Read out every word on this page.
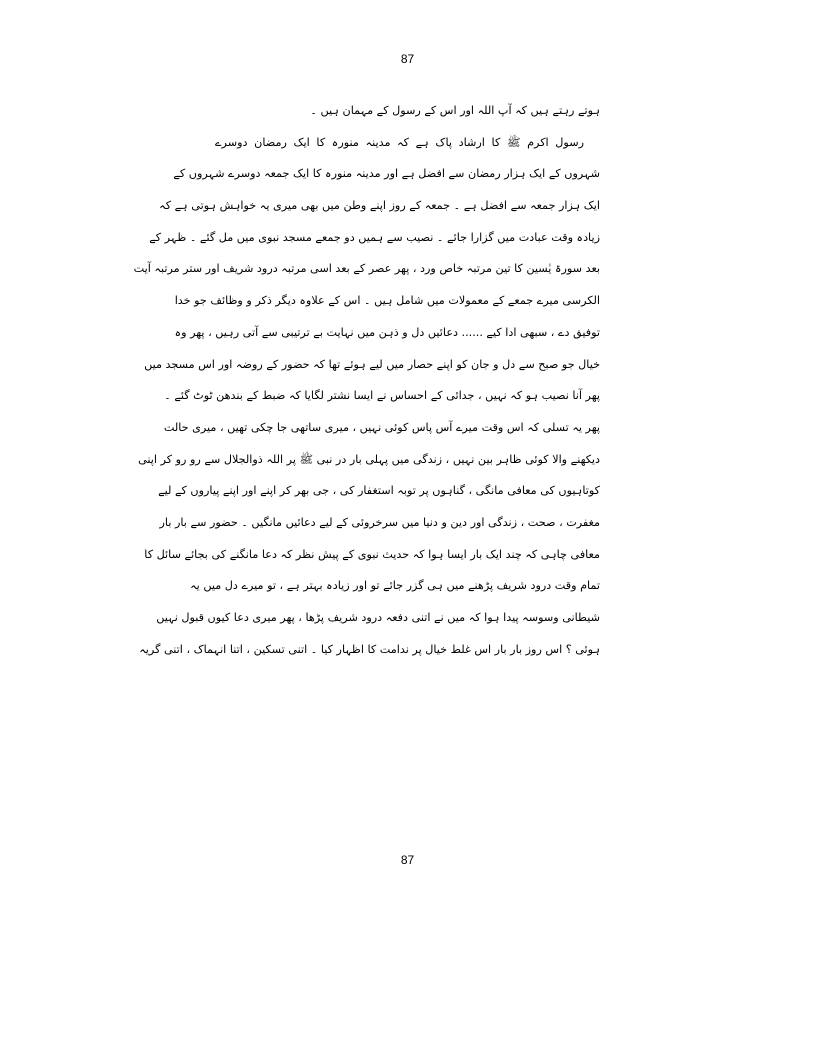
87
ہوتے رہتے ہیں کہ آپ اللہ اور اس کے رسول کے مہمان ہیں ۔
رسول اکرم ﷺ کا ارشاد پاک ہے کہ مدینہ منورہ کا ایک رمضان دوسرے
شہروں کے ایک ہزار رمضان سے افضل ہے اور مدینہ منورہ کا ایک جمعہ دوسرے شہروں کے
ایک ہزار جمعہ سے افضل ہے ۔ جمعہ کے روز اپنے وطن میں بھی میری یہ خواہش ہوتی ہے کہ
زیادہ وقت عبادت میں گزارا جائے ۔ نصیب سے ہمیں دو جمعے مسجد نبوی میں مل گئے ۔ ظہر کے
بعد سورۃ یٰسین کا تین مرتبہ خاص ورد ، پھر عصر کے بعد اسی مرتبہ درود شریف اور ستر مرتبہ آیت
الکرسی میرے جمعے کے معمولات میں شامل ہیں ۔ اس کے علاوہ دیگر ذکر و وظائف جو خدا
توفیق دے ، سبھی ادا کیے ...... دعائیں دل و ذہن میں نہایت بے ترتیبی سے آتی رہیں ، پھر وہ
خیال جو صبح سے دل و جان کو اپنے حصار میں لیے ہوئے تھا کہ حضور کے روضہ اور اس مسجد میں
پھر آنا نصیب ہو کہ نہیں ، جدائی کے احساس نے ایسا نشتر لگایا کہ ضبط کے بندھن ٹوٹ گئے ۔
پھر یہ تسلی کہ اس وقت میرے آس پاس کوئی نہیں ، میری ساتھی جا چکی تھیں ، میری حالت
دیکھنے والا کوئی ظاہر بین نہیں ، زندگی میں پہلی بار در نبی ﷺ پر اللہ ذوالجلال سے رو رو کر اپنی
کوتاہیوں کی معافی مانگی ، گناہوں پر توبہ استغفار کی ، جی بھر کر اپنے اور اپنے پیاروں کے لیے
مغفرت ، صحت ، زندگی اور دین و دنیا میں سرخروئی کے لیے دعائیں مانگیں ۔ حضور سے بار بار
معافی چاہی کہ چند ایک بار ایسا ہوا کہ حدیث نبوی کے پیش نظر کہ دعا مانگنے کی بجائے سائل کا
تمام وقت درود شریف پڑھنے میں ہی گزر جائے تو اور زیادہ بہتر ہے ، تو میرے دل میں یہ
شیطانی وسوسہ پیدا ہوا کہ میں نے اتنی دفعہ درود شریف پڑھا ، پھر میری دعا کیوں قبول نہیں
ہوئی ؟ اس روز بار بار اس غلط خیال پر ندامت کا اظہار کیا ۔ اتنی تسکین ، اتنا انہماک ، اتنی گریہ
87
